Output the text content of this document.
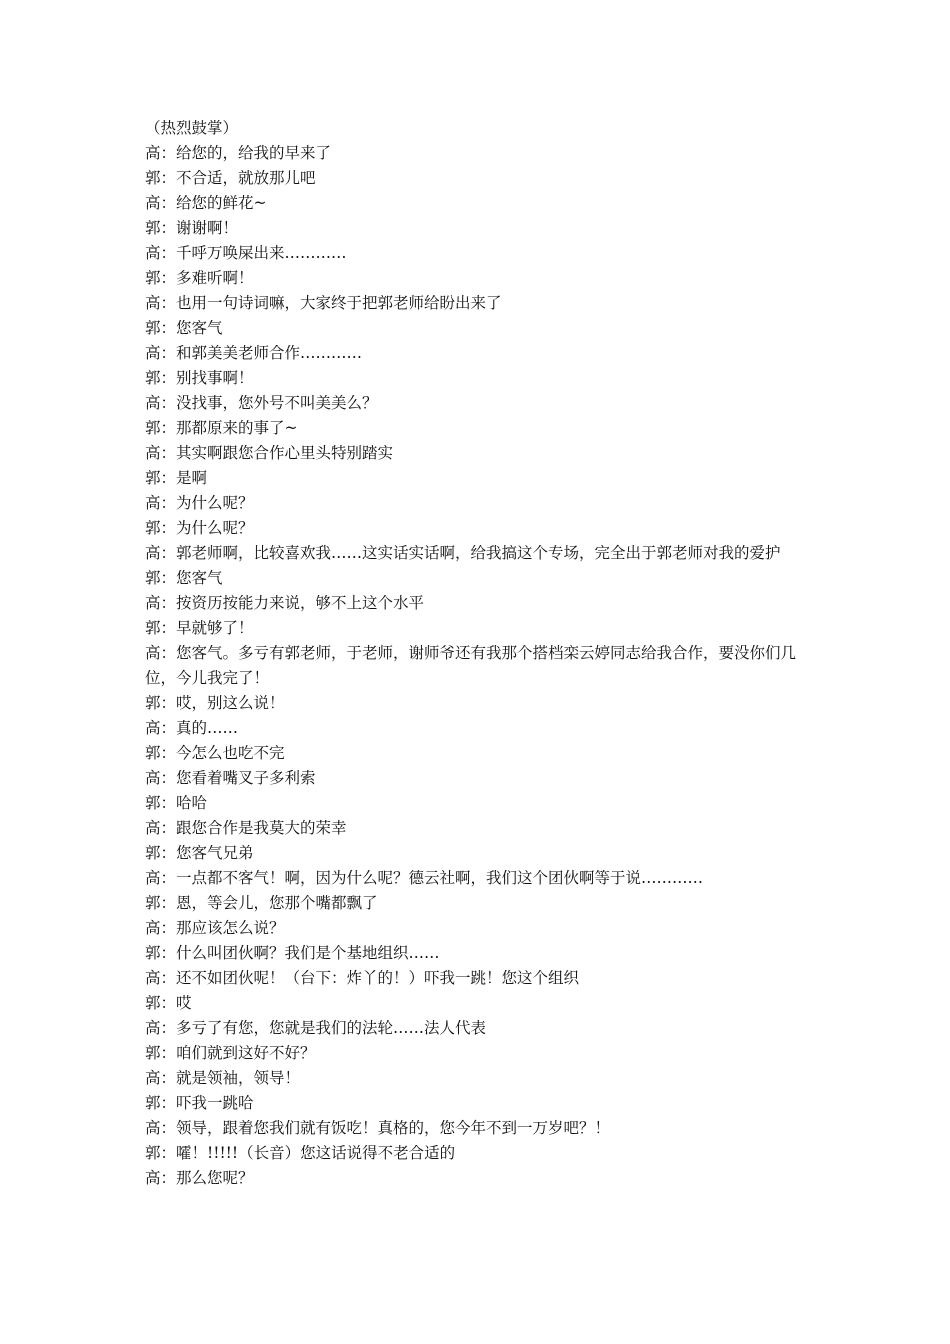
（热烈鼓掌）

高：给您的，给我的早来了

郭：不合适，就放那儿吧

高：给您的鲜花~

郭：谢谢啊！

高：千呼万唤屎出来…………

郭：多难听啊！

高：也用一句诗词嘛，大家终于把郭老师给盼出来了

郭：您客气

高：和郭美美老师合作…………

郭：别找事啊！

高：没找事，您外号不叫美美么？

郭：那都原来的事了~

高：其实啊跟您合作心里头特别踏实

郭：是啊

高：为什么呢？

郭：为什么呢？

高：郭老师啊，比较喜欢我……这实话实话啊，给我搞这个专场，完全出于郭老师对我的爱护

郭：您客气

高：按资历按能力来说，够不上这个水平

郭：早就够了！

高：您客气。多亏有郭老师，于老师，谢师爷还有我那个搭档栾云婷同志给我合作，要没你们几位，今儿我完了！

郭：哎，别这么说！

高：真的……

郭：今怎么也吃不完

高：您看着嘴叉子多利索

郭：哈哈

高：跟您合作是我莫大的荣幸

郭：您客气兄弟

高：一点都不客气！啊，因为什么呢？德云社啊，我们这个团伙啊等于说…………

郭：恩，等会儿，您那个嘴都飘了

高：那应该怎么说？

郭：什么叫团伙啊？我们是个基地组织……

高：还不如团伙呢！（台下：炸丫的！）吓我一跳！您这个组织

郭：哎

高：多亏了有您，您就是我们的法轮……法人代表

郭：咱们就到这好不好？

高：就是领袖，领导！

郭：吓我一跳哈

高：领导，跟着您我们就有饭吃！真格的，您今年不到一万岁吧？！

郭：嚯！!!!!!（长音）您这话说得不老合适的

高：那么您呢？
